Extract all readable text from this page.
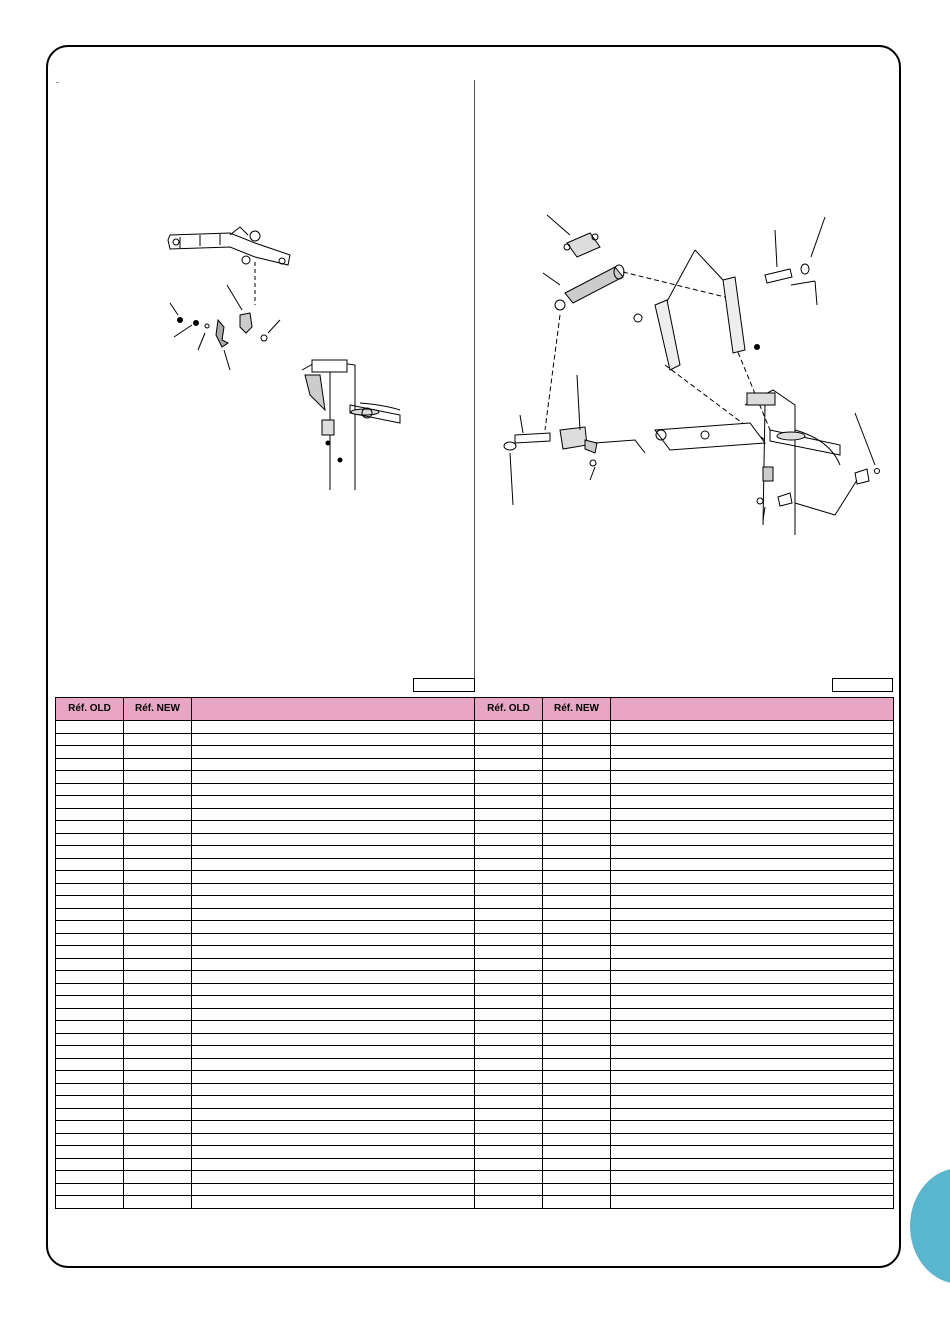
Réf. OLD	Réf. NEW		Réf. OLD	Réf. NEW	
